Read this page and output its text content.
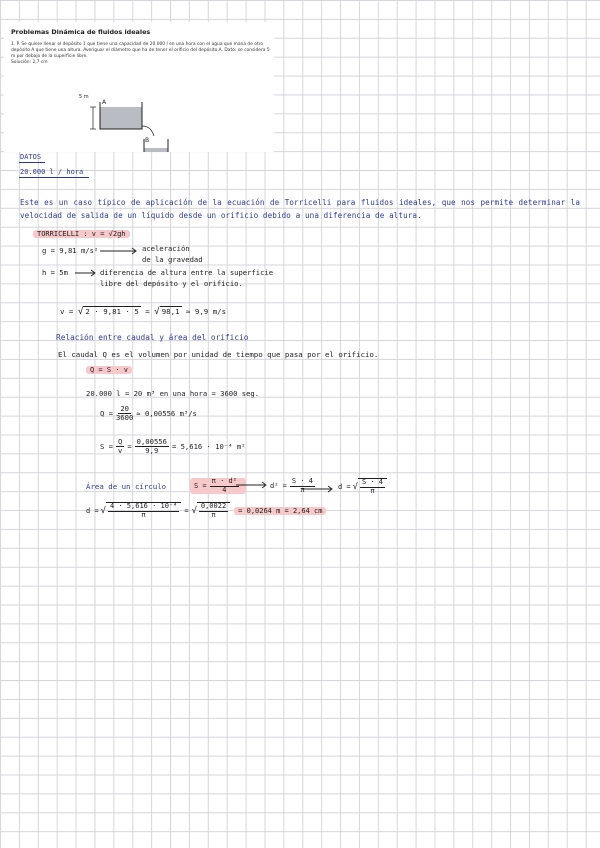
Problemas Dinámica de fluidos ideales
1. P. Se quiere llenar el depósito 1 que tiene una capacidad de 20.000 l en una hora con el agua que mana de otro depósito A que tiene una altura. Averiguar el diámetro que ha de tener el orificio del depósito A. Dato: se considera 5 m por debajo de la superficie libre.
Solución: 2,7 cm
5 m
A
B
DATOS
20.000 l / hora
Este es un caso típico de aplicación de la ecuación de Torricelli para fluidos ideales, que nos permite determinar la velocidad de salida de un líquido desde un orificio debido a una diferencia de altura.
TORRICELLI : v = √2gh
g = 9,81 m/s²	aceleración
de la gravedad
h = 5m	diferencia de altura entre la superficie
libre del depósito y el orificio.
v = √ 2 · 9,81 · 5 = √ 98,1 ≈ 9,9 m/s
Relación entre caudal y área del orificio
El caudal Q es el volumen por unidad de tiempo que pasa por el orificio.
Q = S · v
20.000 l = 20 m³ en una hora = 3600 seg.
$Q = \frac{20}{3600} \approx 0,00556$ m³/s
$S = \frac{Q}{v} = \frac{0,00556}{9,9} = 5,616 \cdot 10^{-4}$ m²
Área de un círculo	$S = \frac{\text{π · d²}}{4}$	$d^2 = \frac{S \cdot 4}{\pi}$	d = √ $\frac{S \cdot 4}{\pi}$
d = √ $\frac{\text{4 · 5,616 · 10⁻⁴}}{\pi}$ = √ $\frac{0,0022}{\pi}$	= 0,0264 m = 2,64 cm
